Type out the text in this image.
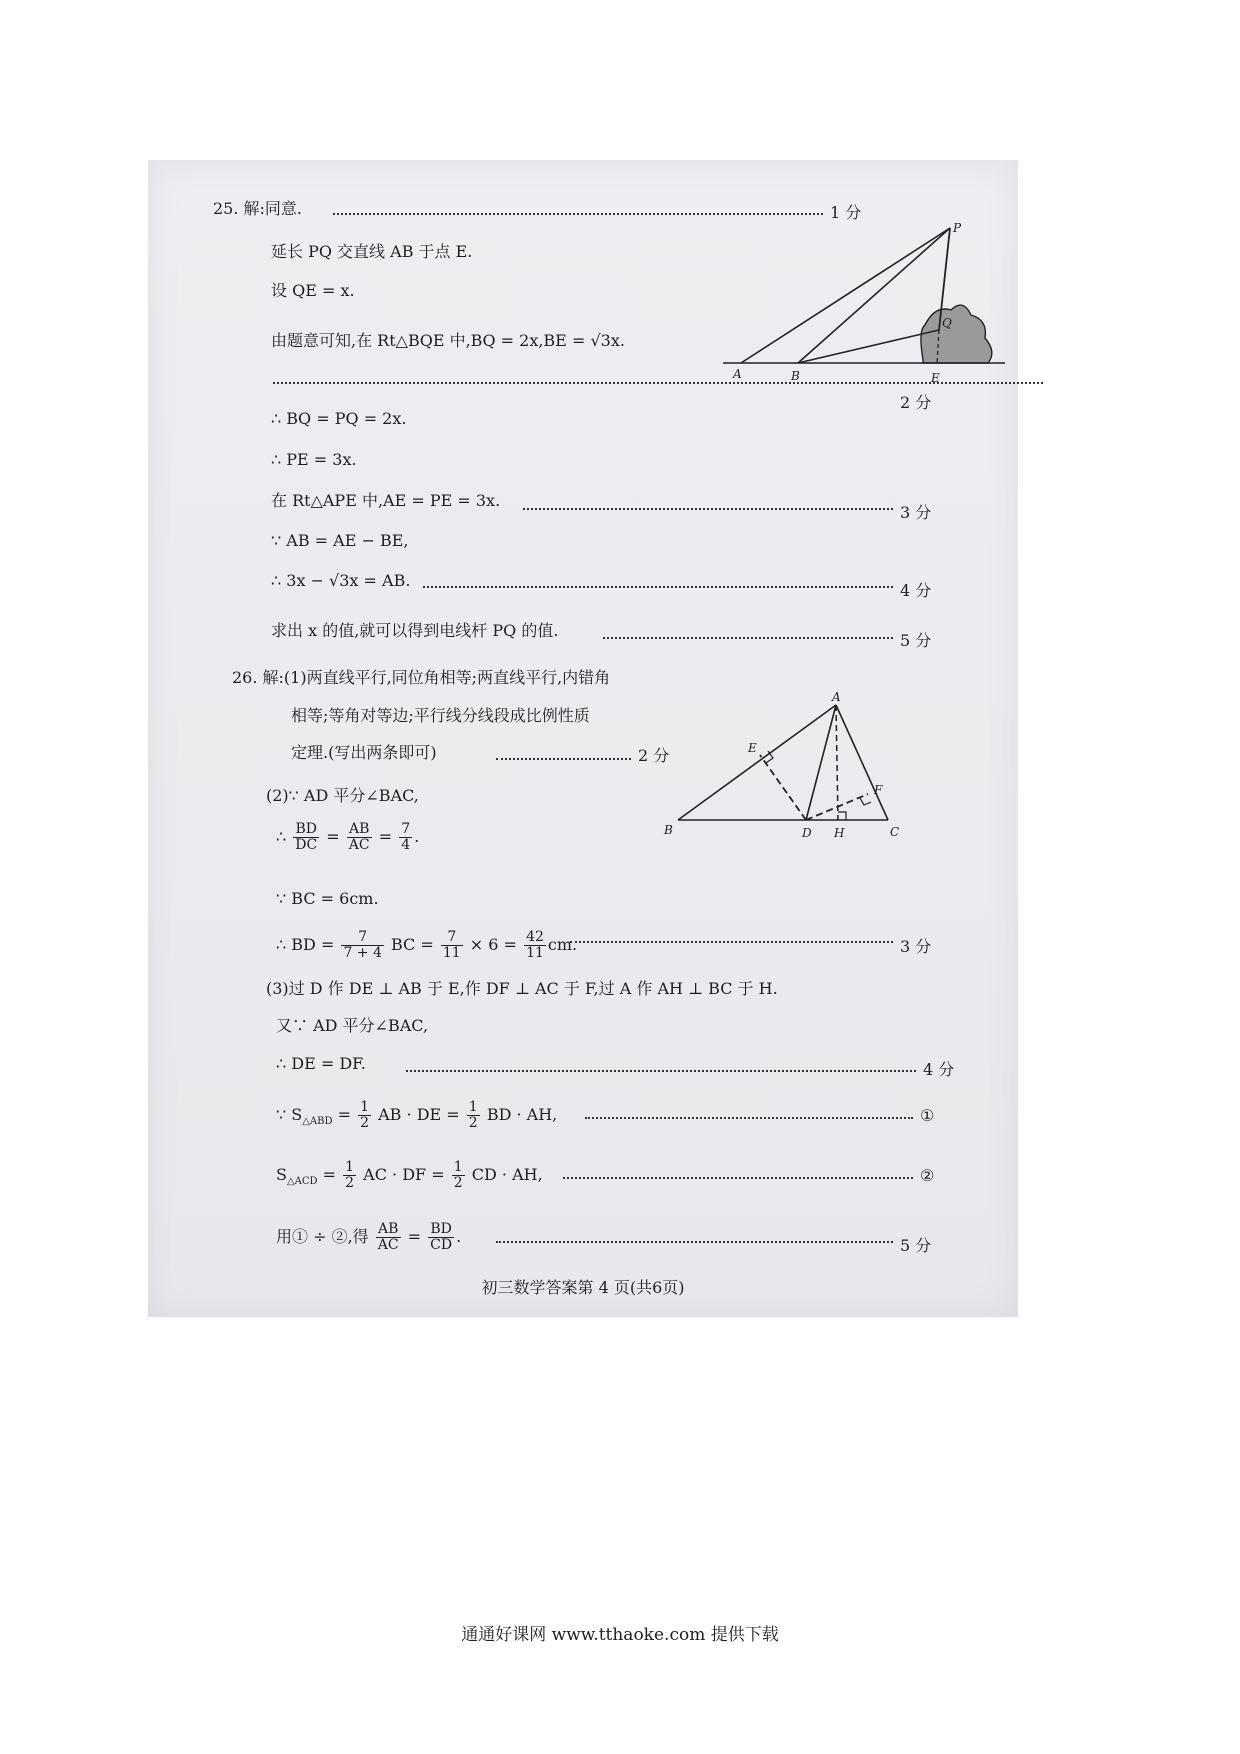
25. 解:同意.	1 分
延长 PQ 交直线 AB 于点 E.
设 QE = x.
由题意可知,在 Rt△BQE 中,BQ = 2x,BE = √3x.
2 分
∴ BQ = PQ = 2x.
∴ PE = 3x.
在 Rt△APE 中,AE = PE = 3x.
3 分
∵ AB = AE − BE,
∴ 3x − √3x = AB.
4 分
求出 x 的值,就可以得到电线杆 PQ 的值.
5 分
P
Q
A	B	E
26. 解:(1)两直线平行,同位角相等;两直线平行,内错角
相等;等角对等边;平行线分线段成比例性质
定理.(写出两条即可)	2 分
(2)∵ AD 平分∠BAC,
∴ $\frac{BD}{DC} = \frac{AB}{AC} = \frac{7}{4}$ .
∵ BC = 6cm.
∴ BD = $\frac{7}{7 + 4}$ BC = $\frac{7}{11} \times 6 = \frac{42}{11}$ cm.	3 分
(3)过 D 作 DE ⊥ AB 于 E,作 DF ⊥ AC 于 F,过 A 作 AH ⊥ BC 于 H.
又∵ AD 平分∠BAC,
∴ DE = DF.	4 分
∵ $S_{\triangle ABD} = \frac{1}{2}$ AB · DE = $\frac{1}{2}$ BD · AH,	①
$S_{\triangle ACD} = \frac{1}{2}$ AC · DF = $\frac{1}{2}$ CD · AH,	②
用① ÷ ②,得 $\frac{AB}{AC} = \frac{BD}{CD}$ .	5 分
A
E
F
B	D H	C
初三数学答案第 4 页(共6页)
通通好课网 www.tthaoke.com 提供下载
